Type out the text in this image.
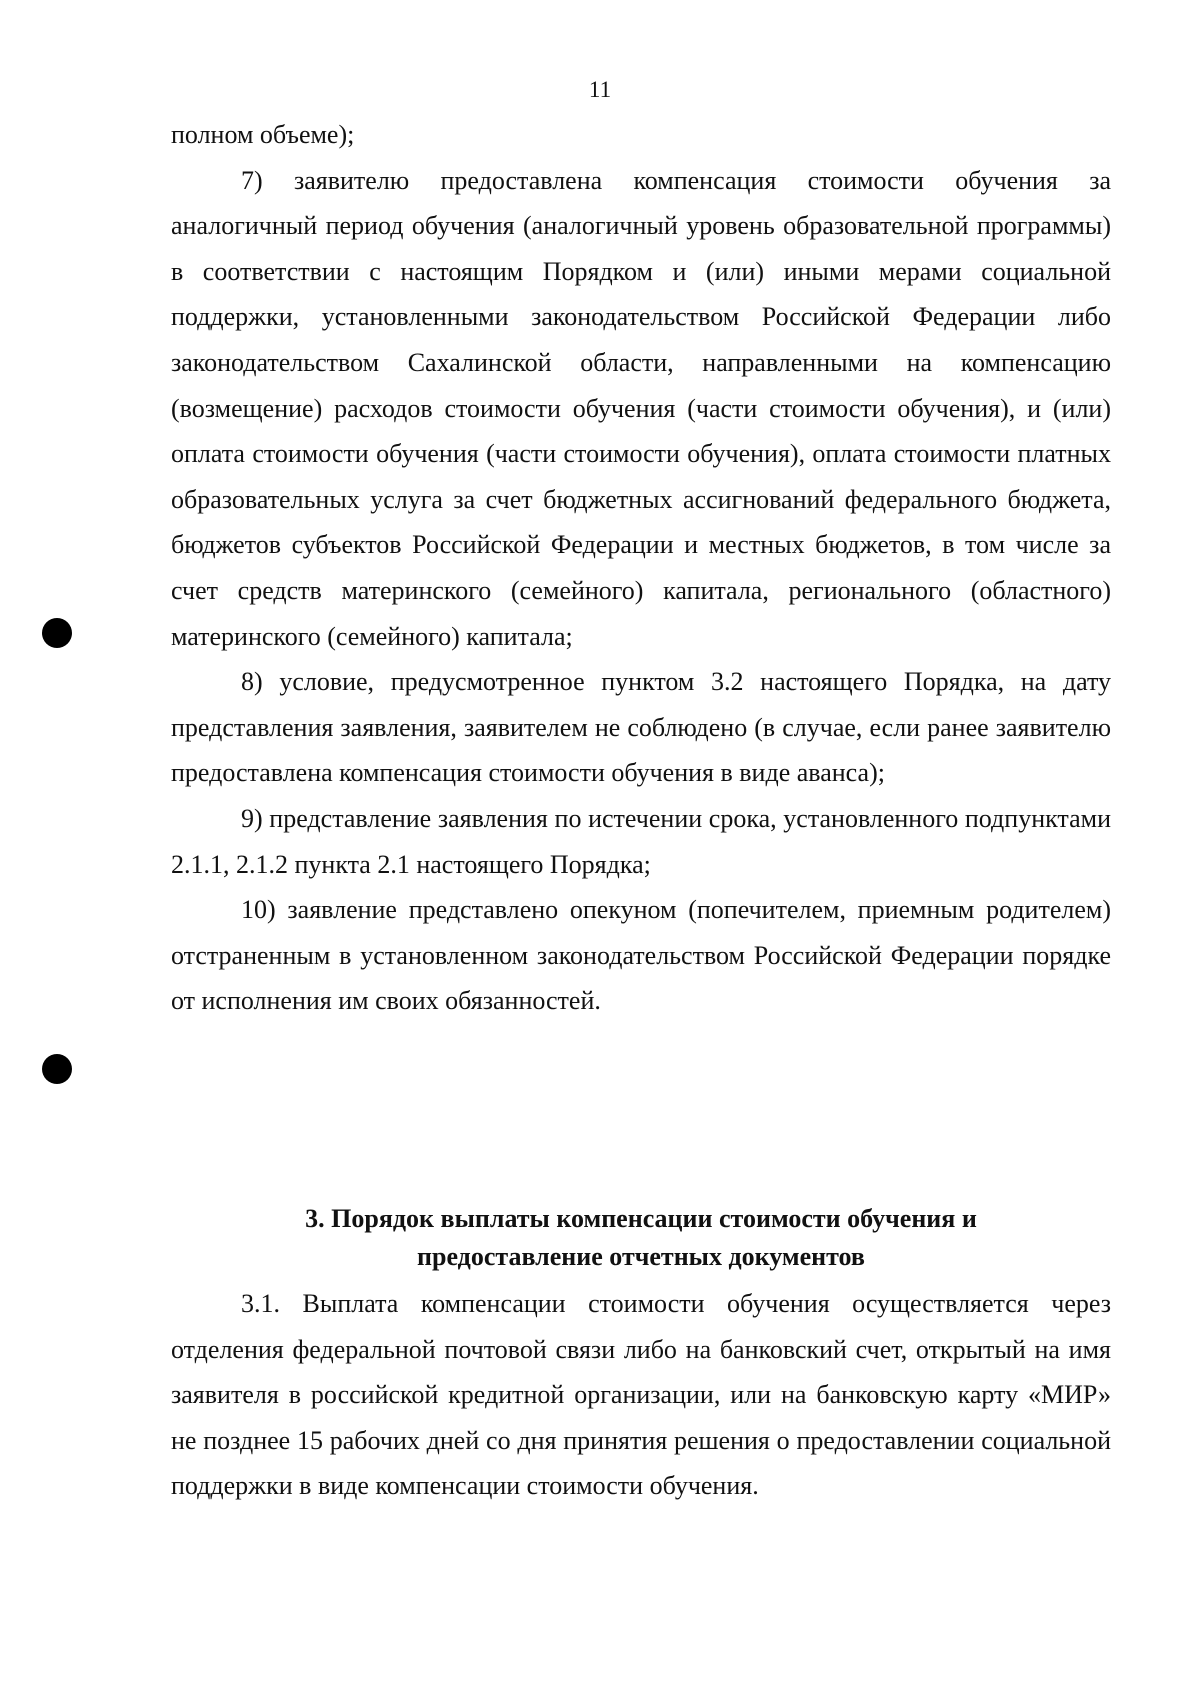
11

полном объеме);

7) заявителю предоставлена компенсация стоимости обучения за аналогичный период обучения (аналогичный уровень образовательной программы) в соответствии с настоящим Порядком и (или) иными мерами социальной поддержки, установленными законодательством Российской Федерации либо законодательством Сахалинской области, направленными на компенсацию (возмещение) расходов стоимости обучения (части стоимости обучения), и (или) оплата стоимости обучения (части стоимости обучения), оплата стоимости платных образовательных услуга за счет бюджетных ассигнований федерального бюджета, бюджетов субъектов Российской Федерации и местных бюджетов, в том числе за счет средств материнского (семейного) капитала, регионального (областного) материнского (семейного) капитала;

8) условие, предусмотренное пунктом 3.2 настоящего Порядка, на дату представления заявления, заявителем не соблюдено (в случае, если ранее заявителю предоставлена компенсация стоимости обучения в виде аванса);

9) представление заявления по истечении срока, установленного подпунктами 2.1.1, 2.1.2 пункта 2.1 настоящего Порядка;

10) заявление представлено опекуном (попечителем, приемным родителем) отстраненным в установленном законодательством Российской Федерации порядке от исполнения им своих обязанностей.

3. Порядок выплаты компенсации стоимости обучения и
предоставление отчетных документов

3.1. Выплата компенсации стоимости обучения осуществляется через отделения федеральной почтовой связи либо на банковский счет, открытый на имя заявителя в российской кредитной организации, или на банковскую карту «МИР» не позднее 15 рабочих дней со дня принятия решения о предоставлении социальной поддержки в виде компенсации стоимости обучения.
